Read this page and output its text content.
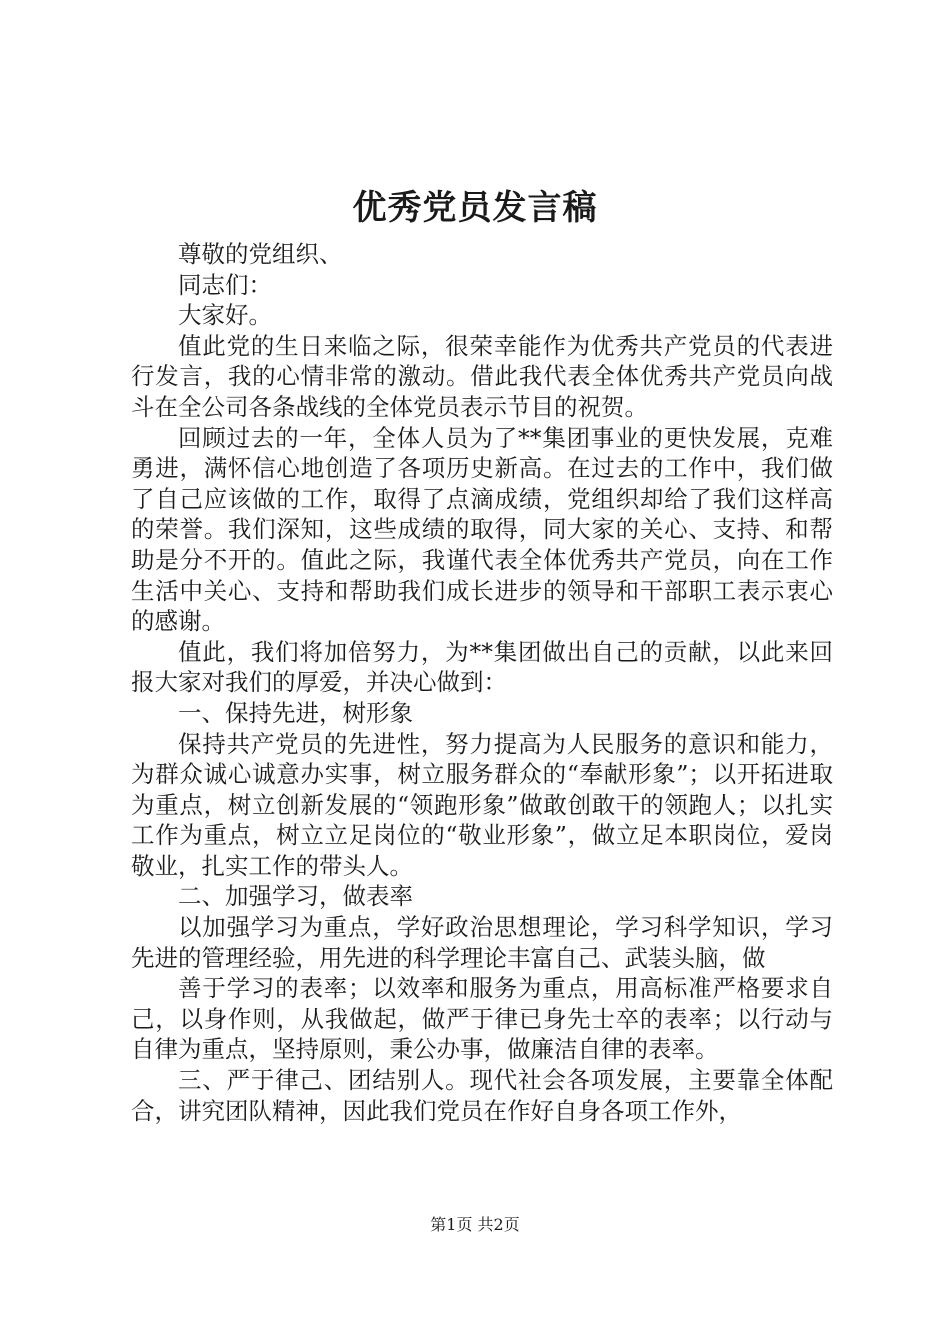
优秀党员发言稿

尊敬的党组织、

同志们：

大家好。

值此党的生日来临之际，很荣幸能作为优秀共产党员的代表进行发言，我的心情非常的激动。借此我代表全体优秀共产党员向战斗在全公司各条战线的全体党员表示节目的祝贺。

回顾过去的一年，全体人员为了**集团事业的更快发展，克难勇进，满怀信心地创造了各项历史新高。在过去的工作中，我们做了自己应该做的工作，取得了点滴成绩，党组织却给了我们这样高的荣誉。我们深知，这些成绩的取得，同大家的关心、支持、和帮助是分不开的。值此之际，我谨代表全体优秀共产党员，向在工作生活中关心、支持和帮助我们成长进步的领导和干部职工表示衷心的感谢。

值此，我们将加倍努力，为**集团做出自己的贡献，以此来回报大家对我们的厚爱，并决心做到：

一、保持先进，树形象

保持共产党员的先进性，努力提高为人民服务的意识和能力，为群众诚心诚意办实事，树立服务群众的“奉献形象”；以开拓进取为重点，树立创新发展的“领跑形象”做敢创敢干的领跑人；以扎实工作为重点，树立立足岗位的“敬业形象”，做立足本职岗位，爱岗敬业，扎实工作的带头人。

二、加强学习，做表率

以加强学习为重点，学好政治思想理论，学习科学知识，学习先进的管理经验，用先进的科学理论丰富自己、武装头脑，做

善于学习的表率；以效率和服务为重点，用高标准严格要求自己，以身作则，从我做起，做严于律已身先士卒的表率；以行动与自律为重点，坚持原则，秉公办事，做廉洁自律的表率。

三、严于律己、团结别人。现代社会各项发展，主要靠全体配合，讲究团队精神，因此我们党员在作好自身各项工作外，

第1页 共2页
